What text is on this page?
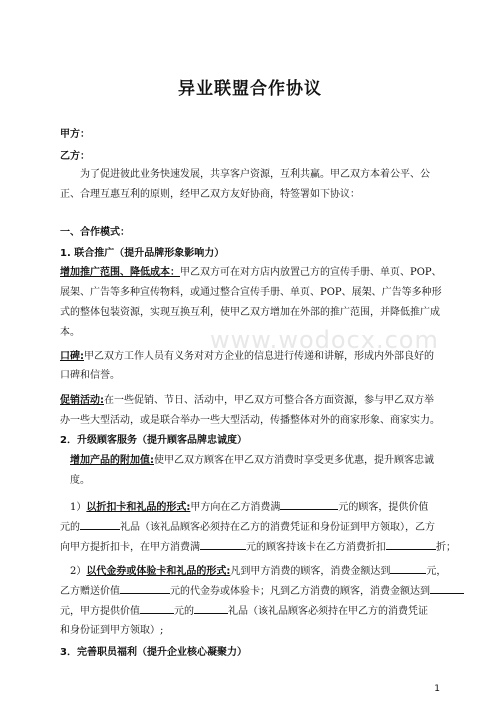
www.wodocx.com
异业联盟合作协议
甲方：
乙方：
为了促进彼此业务快速发展，共享客户资源，互利共赢。甲乙双方本着公平、公
正、合理互惠互利的原则，经甲乙双方友好协商，特签署如下协议：
一、合作模式：
1. 联合推广（提升品牌形象影响力）
增加推广范围、降低成本：甲乙双方可在对方店内放置己方的宣传手册、单页、POP、
展架、广告等多种宣传物料，或通过整合宣传手册、单页、POP、展架、广告等多种形
式的整体包装资源，实现互换互利，使甲乙双方增加在外部的推广范围，并降低推广成
本。
口碑:甲乙双方工作人员有义务对对方企业的信息进行传递和讲解，形成内外部良好的
口碑和信誉。
促销活动:在一些促销、节日、活动中，甲乙双方可整合各方面资源，参与甲乙双方举
办一些大型活动，或是联合举办一些大型活动，传播整体对外的商家形象、商家实力。
2．升级顾客服务（提升顾客品牌忠诚度）
增加产品的附加值:使甲乙双方顾客在甲乙双方消费时享受更多优惠，提升顾客忠诚
度。
1）以折扣卡和礼品的形式:甲方向在乙方消费满	元的顾客，提供价值
元的	礼品（该礼品顾客必须持在乙方的消费凭证和身份证到甲方领取），乙方
向甲方提折扣卡，在甲方消费满	元的顾客持该卡在乙方消费折扣	折；
2）以代金券或体验卡和礼品的形式:凡到甲方消费的顾客，消费金额达到	元，
乙方赠送价值	元的代金券或体验卡；凡到乙方消费的顾客，消费金额达到
元，甲方提供价值	元的	礼品（该礼品顾客必须持在甲乙方的消费凭证
和身份证到甲方领取）;
3．完善职员福利（提升企业核心凝聚力）
1
